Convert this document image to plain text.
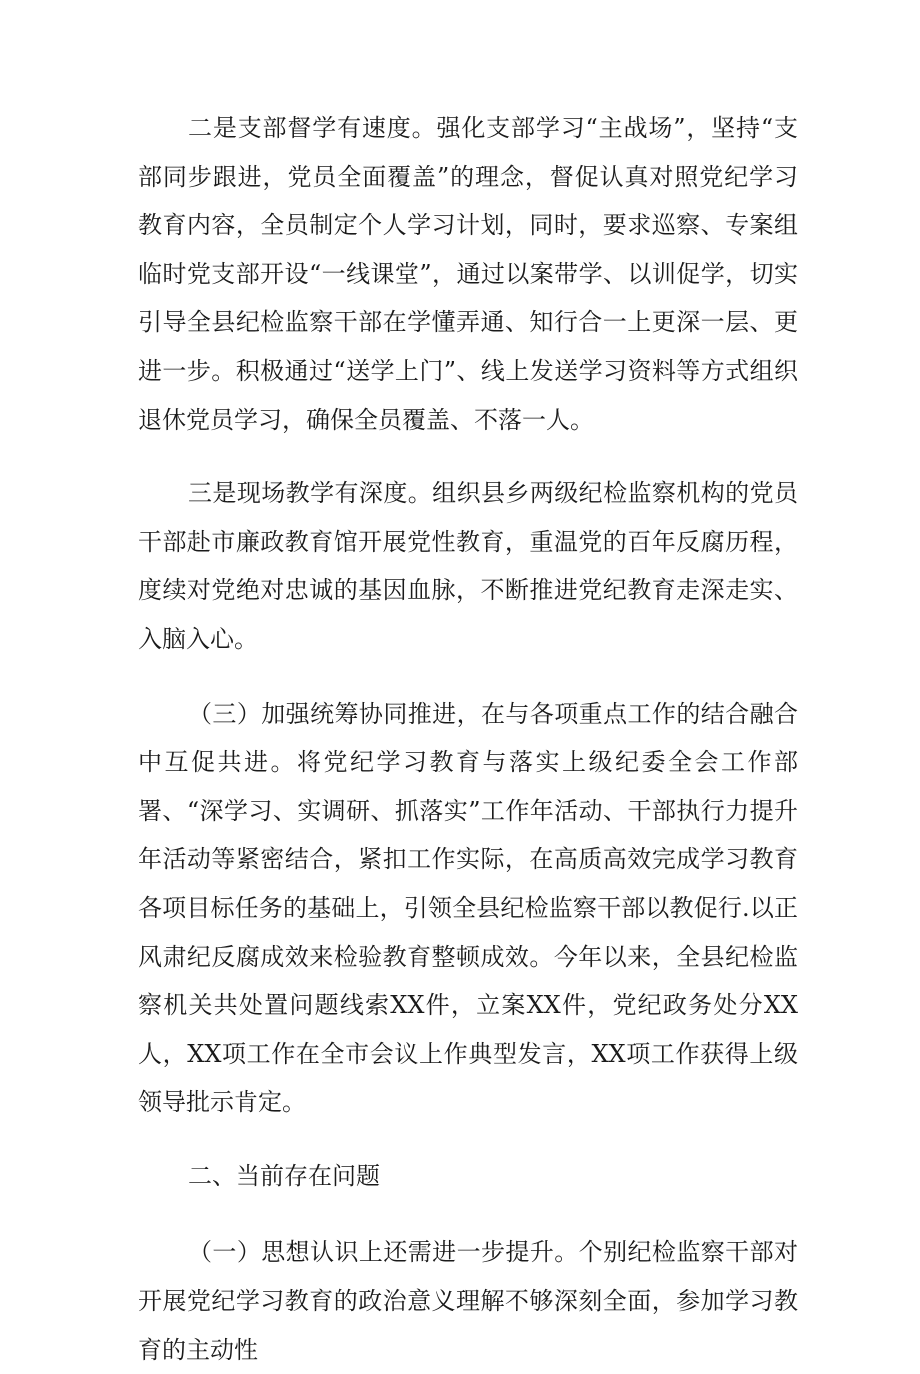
二是支部督学有速度。强化支部学习“主战场”，坚持“支部同步跟进，党员全面覆盖”的理念，督促认真对照党纪学习教育内容，全员制定个人学习计划，同时，要求巡察、专案组临时党支部开设“一线课堂”，通过以案带学、以训促学，切实引导全县纪检监察干部在学懂弄通、知行合一上更深一层、更进一步。积极通过“送学上门”、线上发送学习资料等方式组织退休党员学习，确保全员覆盖、不落一人。

三是现场教学有深度。组织县乡两级纪检监察机构的党员干部赴市廉政教育馆开展党性教育，重温党的百年反腐历程，度续对党绝对忠诚的基因血脉，不断推进党纪教育走深走实、入脑入心。

（三）加强统筹协同推进，在与各项重点工作的结合融合中互促共进。将党纪学习教育与落实上级纪委全会工作部署、“深学习、实调研、抓落实”工作年活动、干部执行力提升年活动等紧密结合，紧扣工作实际，在高质高效完成学习教育各项目标任务的基础上，引领全县纪检监察干部以教促行.以正风肃纪反腐成效来检验教育整顿成效。今年以来，全县纪检监察机关共处置问题线索XX件，立案XX件，党纪政务处分XX人，XX项工作在全市会议上作典型发言，XX项工作获得上级领导批示肯定。

二、当前存在问题

（一）思想认识上还需进一步提升。个别纪检监察干部对开展党纪学习教育的政治意义理解不够深刻全面，参加学习教育的主动性
